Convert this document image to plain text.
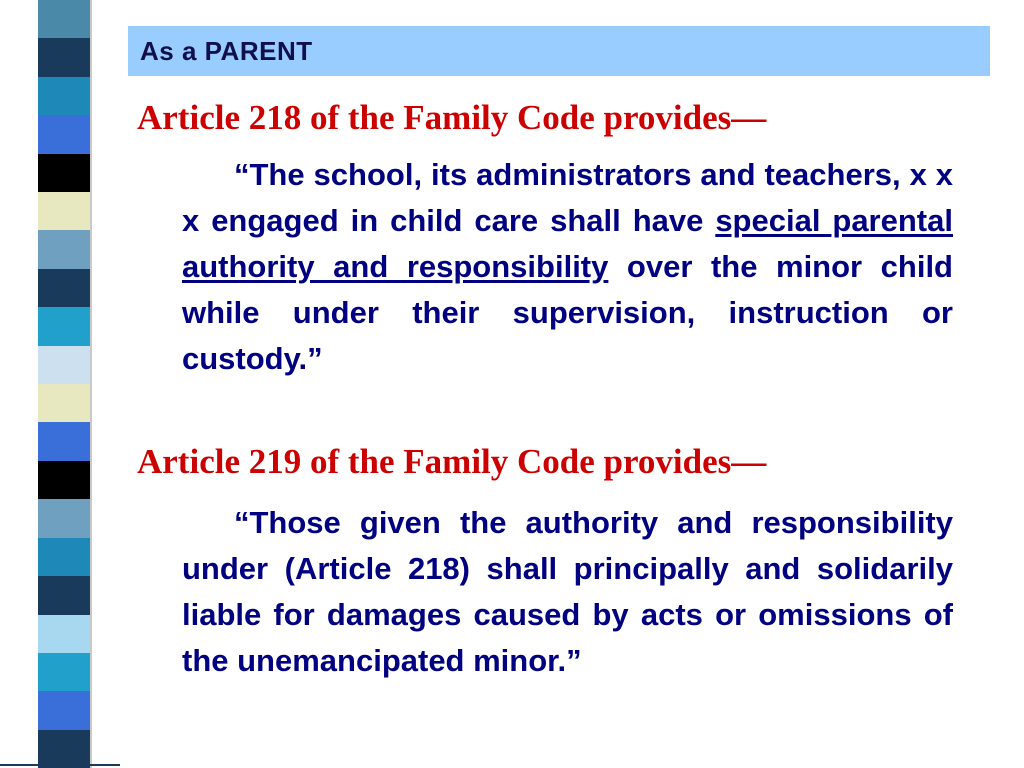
As a PARENT
Article 218 of the Family Code provides—
“The school, its administrators and teachers, x x x engaged in child care shall have special parental authority and responsibility over the minor child while under their supervision, instruction or custody.”
Article 219 of the Family Code provides—
“Those given the authority and responsibility under (Article 218) shall principally and solidarily liable for damages caused by acts or omissions of the unemancipated minor.”
